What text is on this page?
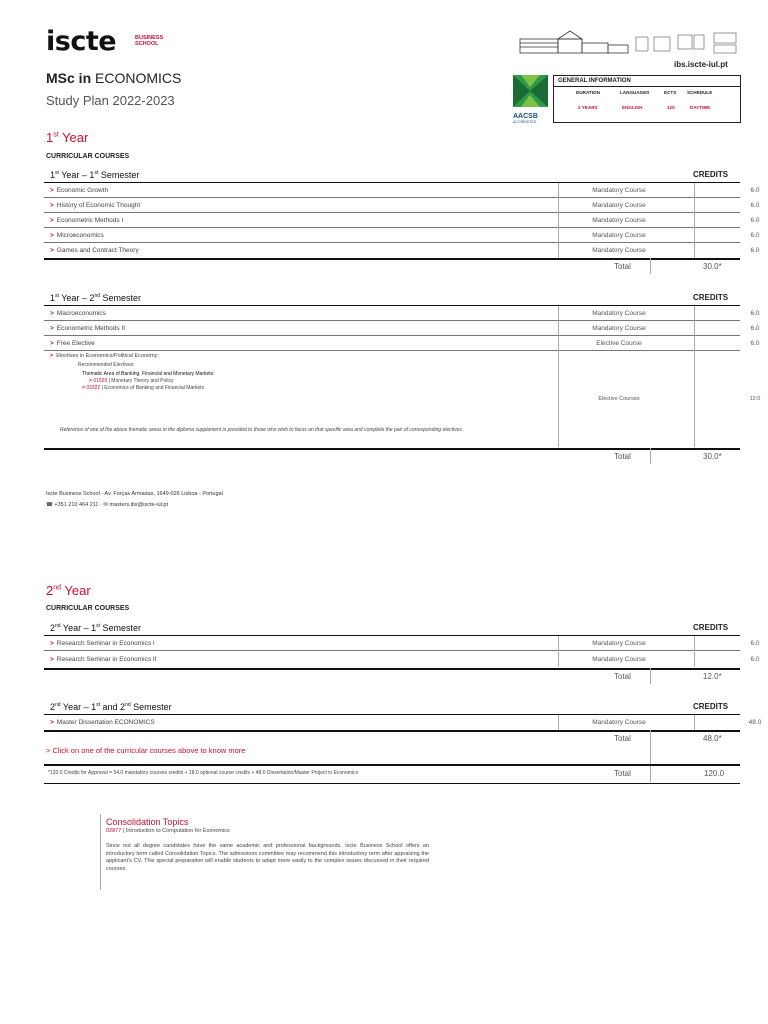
iscte	BUSINESS
SCHOOL
MSc in ECONOMICS
Study Plan 2022-2023
ibs.iscte-iul.pt
AACSB
ACCREDITED
GENERAL INFORMATION
DURATION	LANGUAGES	ECTS SCHEDULE
2 YEARS	ENGLISH	120	DAYTIME
1st Year
CURRICULAR COURSES
1st Year – 1st Semester	CREDITS
> Economic Growth	Mandatory Course	6.0
> History of Economic Thought	Mandatory Course	6.0
> Econometric Methods I	Mandatory Course	6.0
> Microeconomics	Mandatory Course	6.0
> Games and Contract Theory	Mandatory Course	6.0
Total	30.0*
1st Year – 2nd Semester	CREDITS
> Macroeconomics	Mandatory Course	6.0
> Econometric Methods II	Mandatory Course	6.0
> Free Elective	Elective Course	6.0
> Electives in Economics/Political Economy:
Recommended Electives:
Thematic Area of Banking, Financial and Monetary Markets:
> 01929 | Monetary Theory and Policy
> 03322 | Economics of Banking and Financial Markets
Elective Courses	12.0
Reference of one of the above thematic areas in the diploma supplement is provided to those who wish to focus on that specific area and complete the pair of corresponding electives.
Total	30.0*
Iscte Business School - Av. Forças Armadas, 1649-026 Lisboa - Portugal
☎ +351 210 464 211 · ✉ masters.ibs@iscte-iul.pt
2nd Year
CURRICULAR COURSES
2nd Year – 1st Semester	CREDITS
> Research Seminar in Economics I	Mandatory Course	6.0
> Research Seminar in Economics II	Mandatory Course	6.0
Total	12.0*
2nd Year – 1st and 2nd Semester	CREDITS
> Master Dissertation ECONOMICS	Mandatory Course	48.0
Total	48.0*
> Click on one of the curricular courses above to know more
*120.0 Credits for Approval = 54.0 mandatory courses credits + 18.0 optional course credits + 48.0 Dissertation/Master Project in Economics	Total	120.0
Consolidation Topics
02877 | Introduction to Computation for Economics
Since not all degree candidates have the same academic and professional backgrounds, Iscte Business School offers an introductory term called Consolidation Topics. The admissions committee may recommend this introductory term after appraising the applicant's CV. This special preparation will enable students to adapt more easily to the complex issues discussed in their required courses.
